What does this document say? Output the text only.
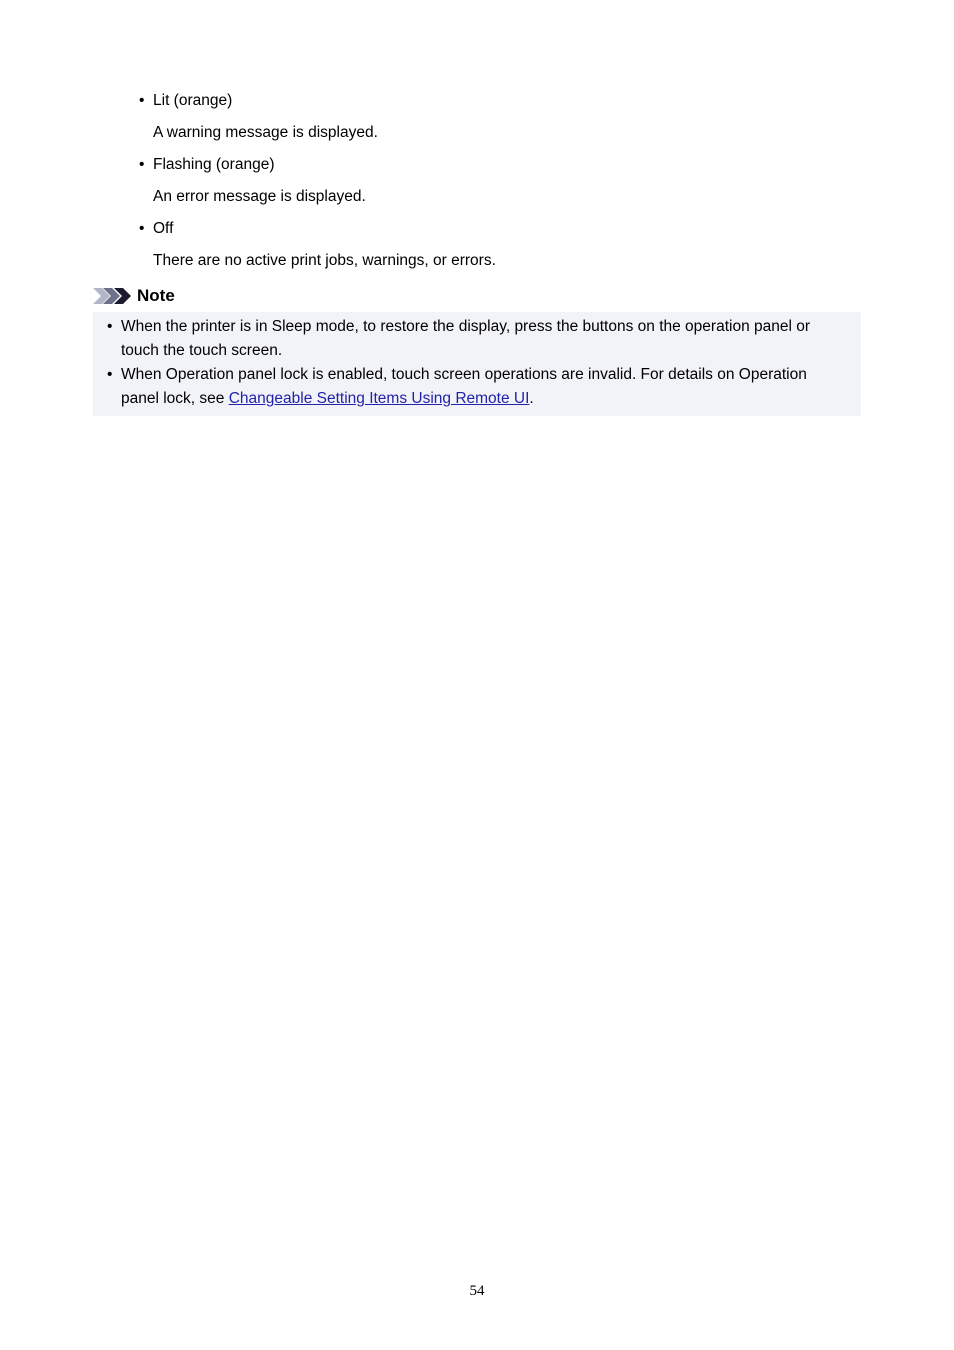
• Lit (orange)
A warning message is displayed.
• Flashing (orange)
An error message is displayed.
• Off
There are no active print jobs, warnings, or errors.
Note
• When the printer is in Sleep mode, to restore the display, press the buttons on the operation panel or touch the touch screen.
• When Operation panel lock is enabled, touch screen operations are invalid. For details on Operation panel lock, see Changeable Setting Items Using Remote UI.
54
